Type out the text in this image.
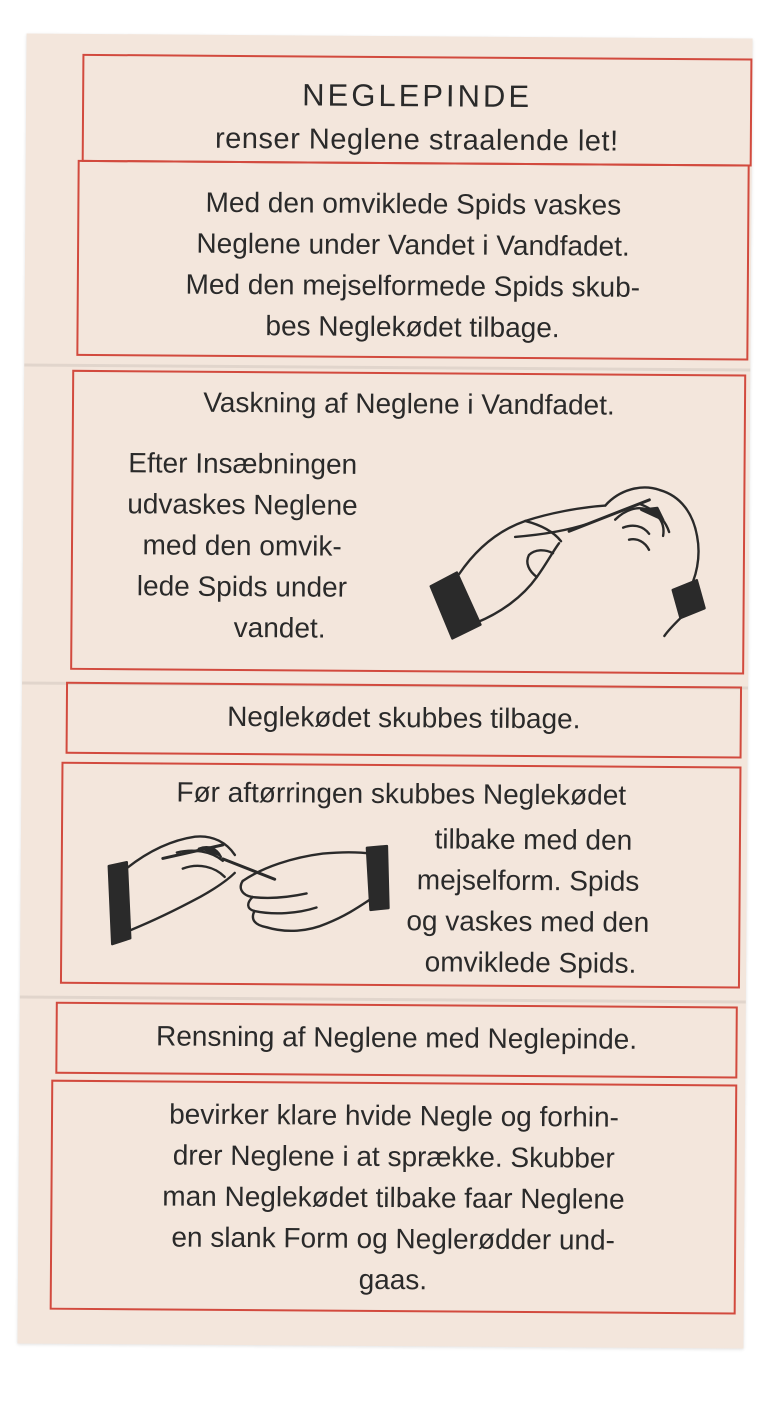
NEGLEPINDE
renser Neglene straalende let!
Med den omviklede Spids vaskes
Neglene under Vandet i Vandfadet.
Med den mejselformede Spids skub-
bes Neglekødet tilbage.
Vaskning af Neglene i Vandfadet.
Efter Insæbningen
udvaskes Neglene
med den omvik-
lede Spids under
vandet.
Neglekødet skubbes tilbage.
Før aftørringen skubbes Neglekødet
tilbake med den
mejselform. Spids
og vaskes med den
omviklede Spids.
Rensning af Neglene med Neglepinde.
bevirker klare hvide Negle og forhin-
drer Neglene i at sprække. Skubber
man Neglekødet tilbake faar Neglene
en slank Form og Neglerødder und-
gaas.
